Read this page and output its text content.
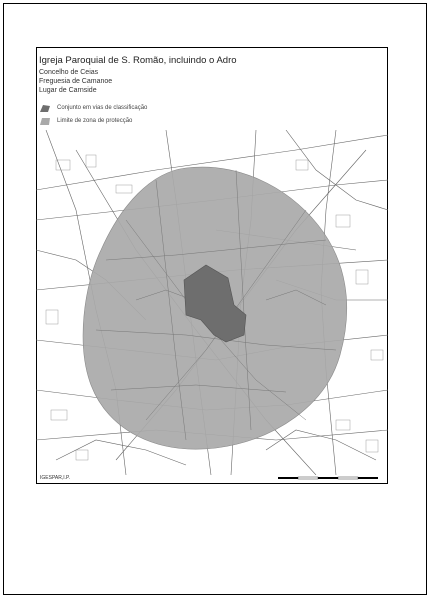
Igreja Paroquial de S. Romão, incluindo o Adro
Concelho de Ceias
Freguesia de Camanoe
Lugar de Carnside
Conjunto em vias de classificação
Limite de zona de protecção
IGESPAR,I.P.
